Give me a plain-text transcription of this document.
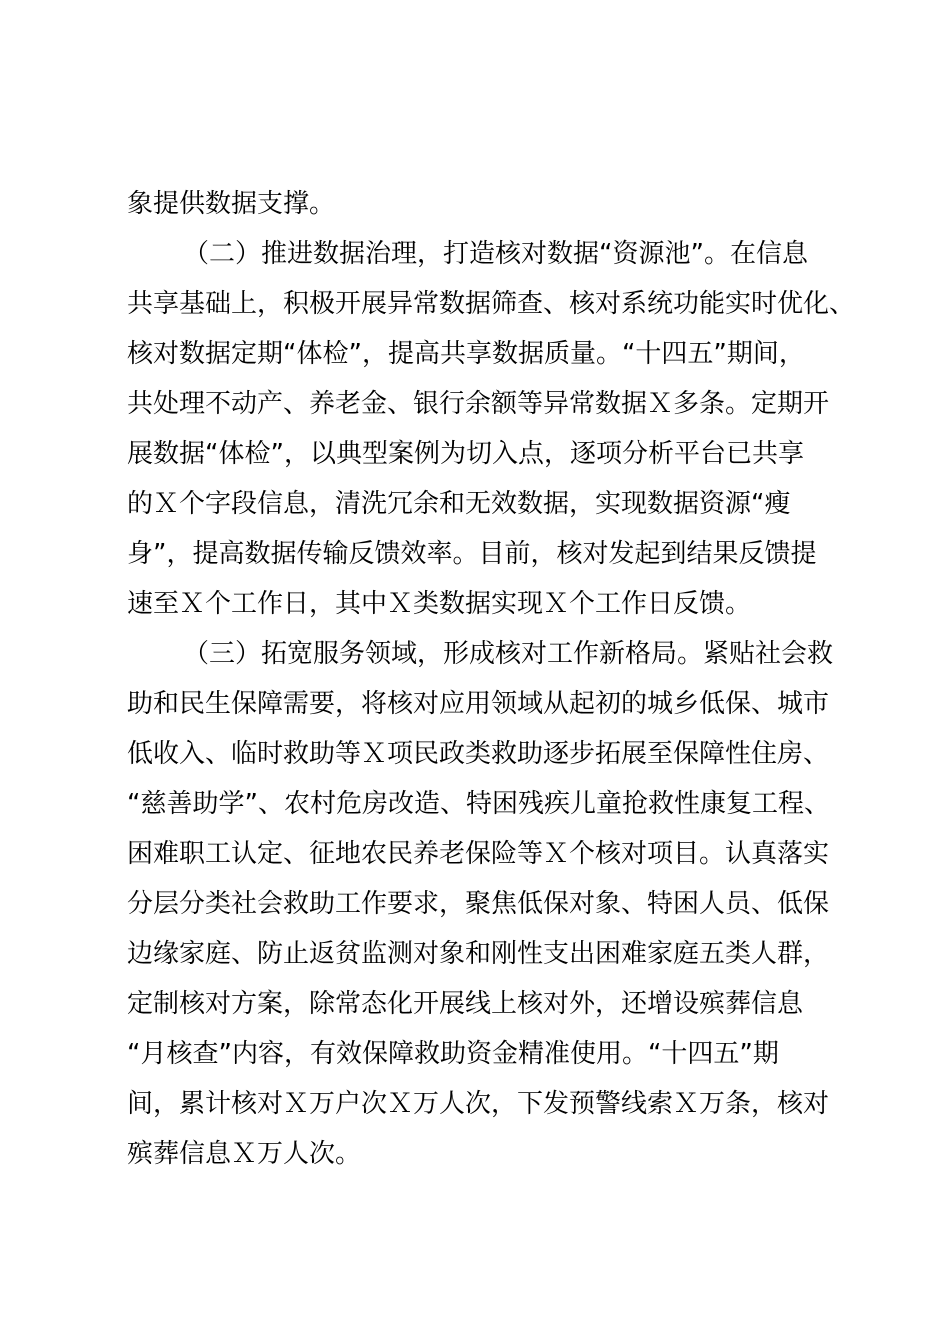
象提供数据支撑。
（二）推进数据治理，打造核对数据“资源池”。在信息
共享基础上，积极开展异常数据筛查、核对系统功能实时优化、
核对数据定期“体检”，提高共享数据质量。“十四五”期间，
共处理不动产、养老金、银行余额等异常数据Ｘ多条。定期开
展数据“体检”，以典型案例为切入点，逐项分析平台已共享
的Ｘ个字段信息，清洗冗余和无效数据，实现数据资源“瘦
身”，提高数据传输反馈效率。目前，核对发起到结果反馈提
速至Ｘ个工作日，其中Ｘ类数据实现Ｘ个工作日反馈。
（三）拓宽服务领域，形成核对工作新格局。紧贴社会救
助和民生保障需要，将核对应用领域从起初的城乡低保、城市
低收入、临时救助等Ｘ项民政类救助逐步拓展至保障性住房、
“慈善助学”、农村危房改造、特困残疾儿童抢救性康复工程、
困难职工认定、征地农民养老保险等Ｘ个核对项目。认真落实
分层分类社会救助工作要求，聚焦低保对象、特困人员、低保
边缘家庭、防止返贫监测对象和刚性支出困难家庭五类人群，
定制核对方案，除常态化开展线上核对外，还增设殡葬信息
“月核查”内容，有效保障救助资金精准使用。“十四五”期
间，累计核对Ｘ万户次Ｘ万人次，下发预警线索Ｘ万条，核对
殡葬信息Ｘ万人次。
